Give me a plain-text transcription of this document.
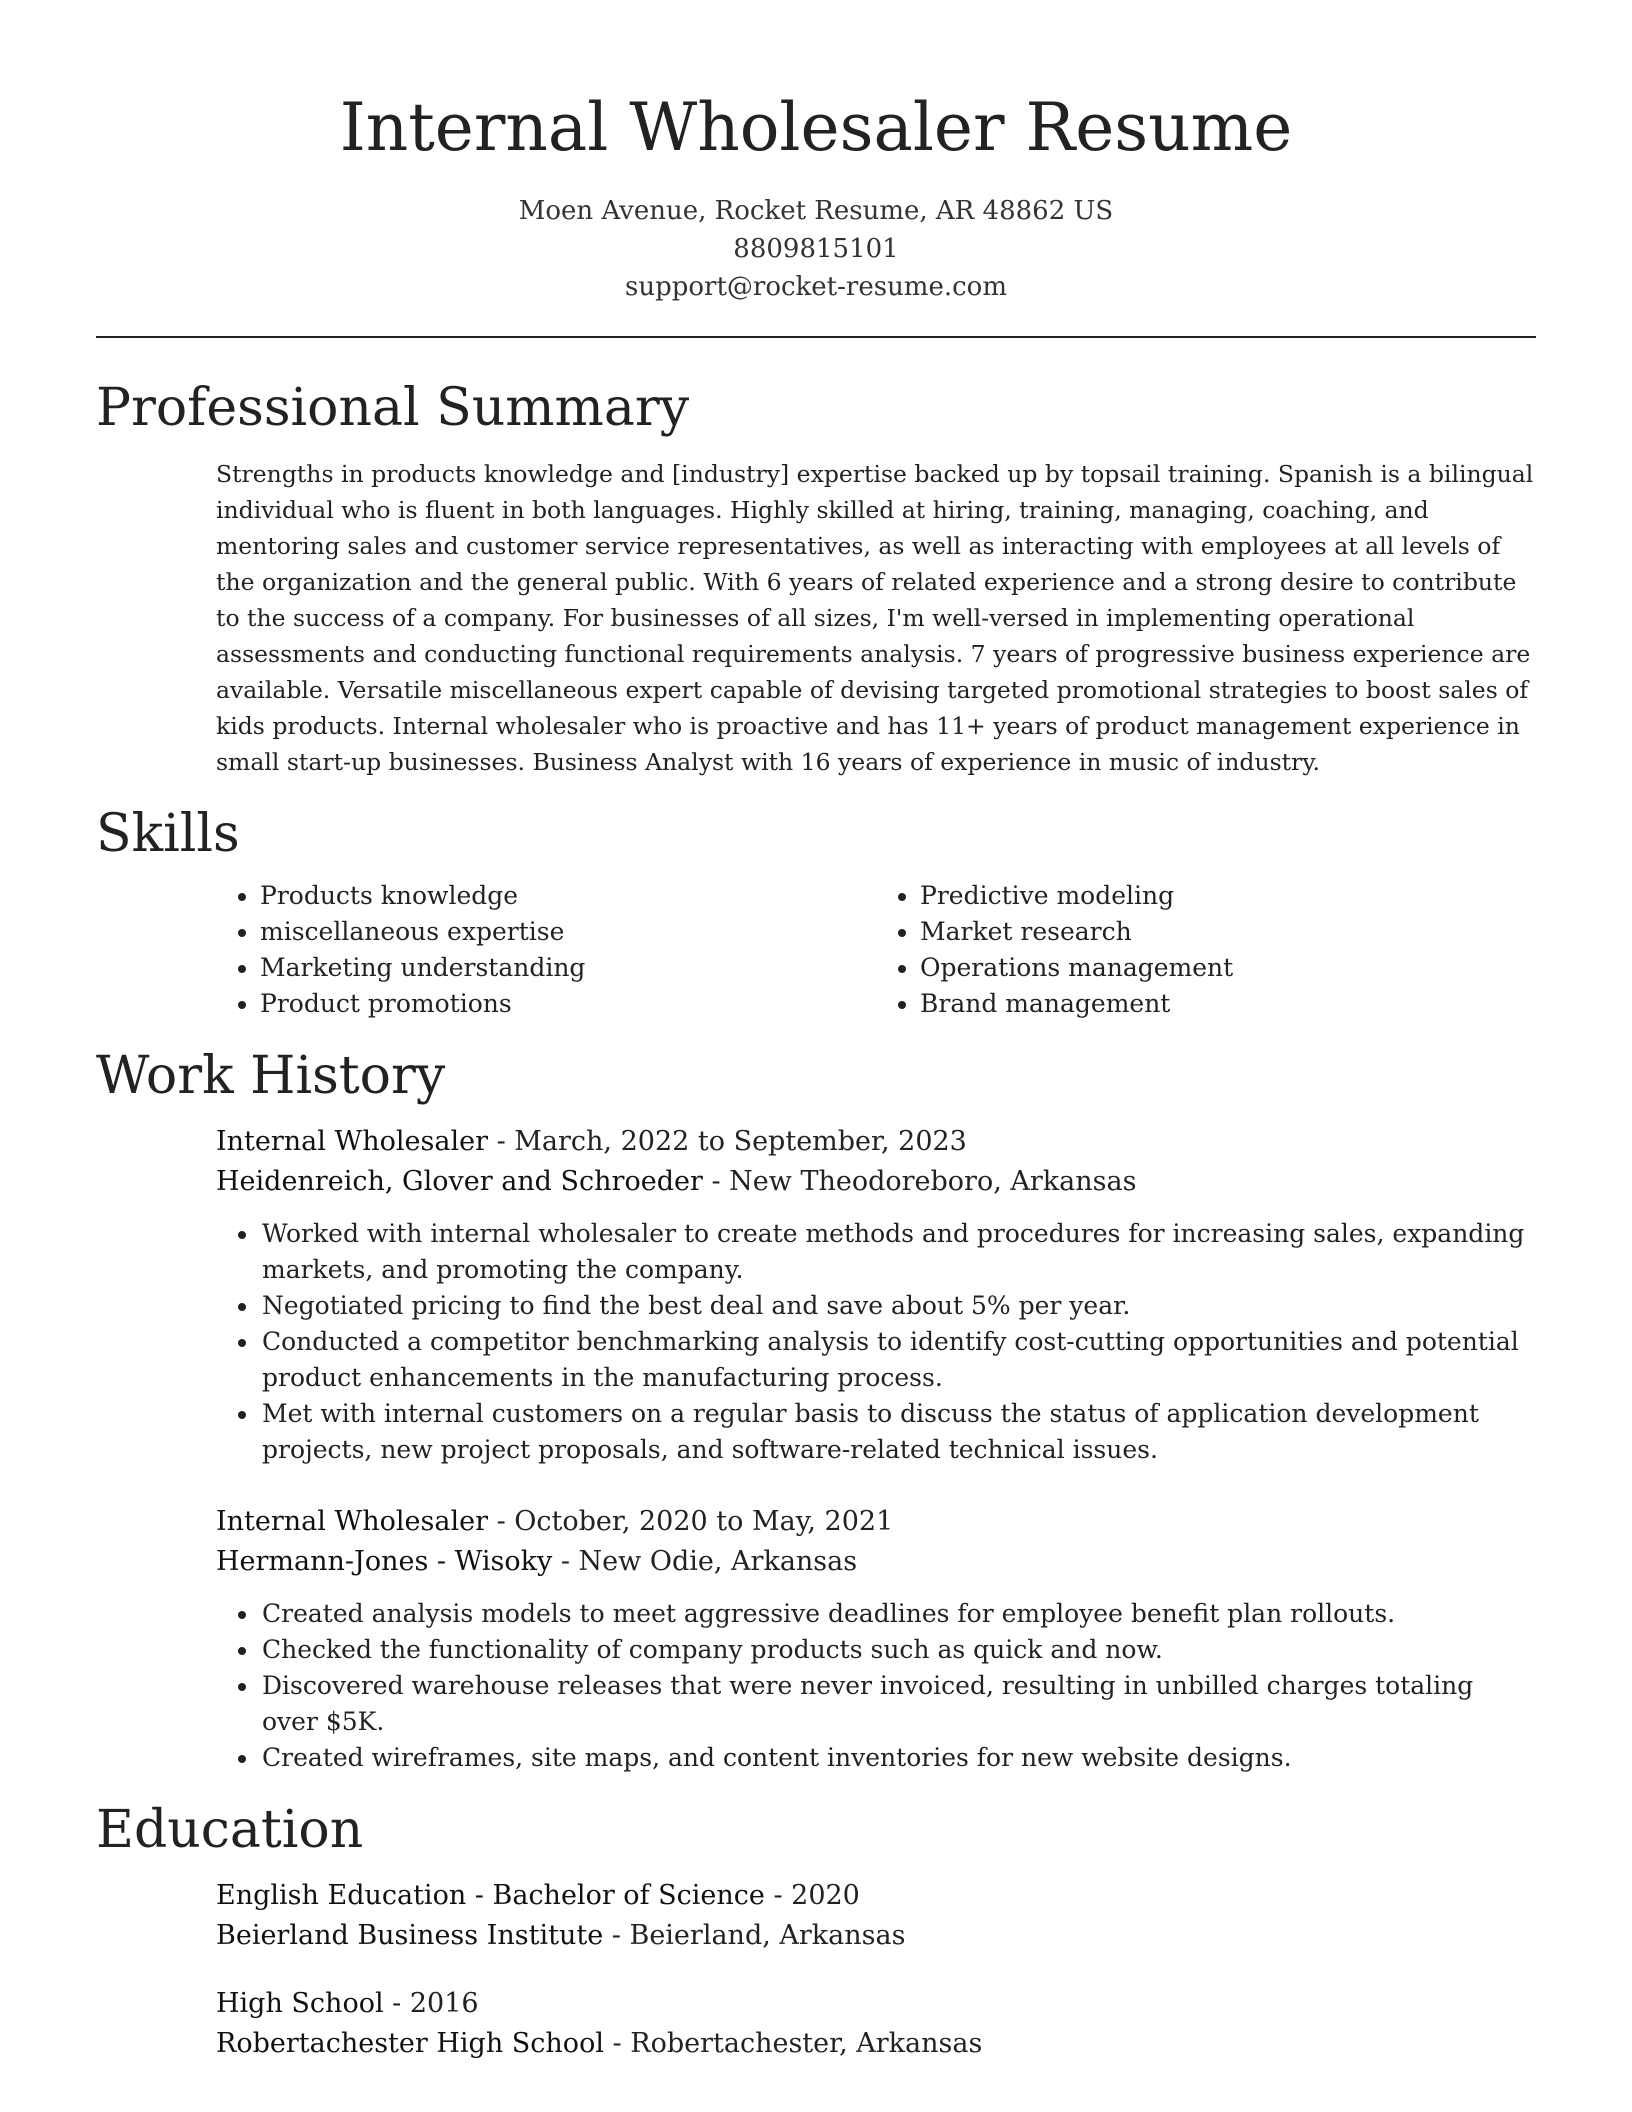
Internal Wholesaler Resume
Moen Avenue, Rocket Resume, AR 48862 US
8809815101
support@rocket-resume.com
Professional Summary

Strengths in products knowledge and [industry] expertise backed up by topsail training. Spanish is a bilingual individual who is fluent in both languages. Highly skilled at hiring, training, managing, coaching, and mentoring sales and customer service representatives, as well as interacting with employees at all levels of the organization and the general public. With 6 years of related experience and a strong desire to contribute to the success of a company. For businesses of all sizes, I'm well-versed in implementing operational assessments and conducting functional requirements analysis. 7 years of progressive business experience are available. Versatile miscellaneous expert capable of devising targeted promotional strategies to boost sales of kids products. Internal wholesaler who is proactive and has 11+ years of product management experience in small start-up businesses. Business Analyst with 16 years of experience in music of industry.

Skills
• Products knowledge
• miscellaneous expertise
• Marketing understanding
• Product promotions
• Predictive modeling
• Market research
• Operations management
• Brand management
Work History
Internal Wholesaler - March, 2022 to September, 2023
Heidenreich, Glover and Schroeder - New Theodoreboro, Arkansas
• Worked with internal wholesaler to create methods and procedures for increasing sales, expanding markets, and promoting the company.
• Negotiated pricing to find the best deal and save about 5% per year.
• Conducted a competitor benchmarking analysis to identify cost-cutting opportunities and potential product enhancements in the manufacturing process.
• Met with internal customers on a regular basis to discuss the status of application development projects, new project proposals, and software-related technical issues.
Internal Wholesaler - October, 2020 to May, 2021
Hermann-Jones - Wisoky - New Odie, Arkansas
• Created analysis models to meet aggressive deadlines for employee benefit plan rollouts.
• Checked the functionality of company products such as quick and now.
• Discovered warehouse releases that were never invoiced, resulting in unbilled charges totaling over $5K.
• Created wireframes, site maps, and content inventories for new website designs.
Education
English Education - Bachelor of Science - 2020
Beierland Business Institute - Beierland, Arkansas
High School - 2016
Robertachester High School - Robertachester, Arkansas
